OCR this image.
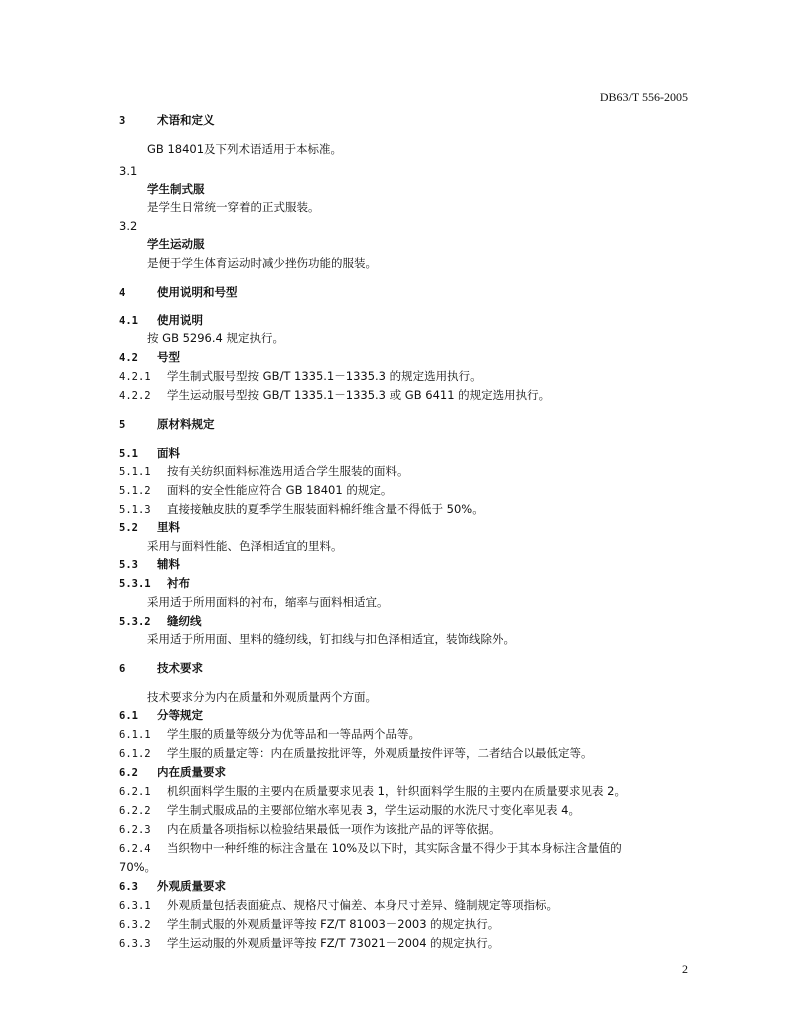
DB63/T 556-2005
3	术语和定义
GB 18401及下列术语适用于本标准。
3.1
学生制式服
是学生日常统一穿着的正式服装。
3.2
学生运动服
是便于学生体育运动时减少挫伤功能的服装。
4	使用说明和号型
4.1 使用说明
按 GB 5296.4 规定执行。
4.2 号型
4.2.1 学生制式服号型按 GB/T 1335.1－1335.3 的规定选用执行。
4.2.2 学生运动服号型按 GB/T 1335.1－1335.3 或 GB 6411 的规定选用执行。
5	原材料规定
5.1 面料
5.1.1 按有关纺织面料标准选用适合学生服装的面料。
5.1.2 面料的安全性能应符合 GB 18401 的规定。
5.1.3 直接接触皮肤的夏季学生服装面料棉纤维含量不得低于 50%。
5.2 里料
采用与面料性能、色泽相适宜的里料。
5.3 辅料
5.3.1 衬布
采用适于所用面料的衬布，缩率与面料相适宜。
5.3.2 缝纫线
采用适于所用面、里料的缝纫线，钉扣线与扣色泽相适宜，装饰线除外。
6	技术要求
技术要求分为内在质量和外观质量两个方面。
6.1 分等规定
6.1.1 学生服的质量等级分为优等品和一等品两个品等。
6.1.2 学生服的质量定等：内在质量按批评等，外观质量按件评等，二者结合以最低定等。
6.2 内在质量要求
6.2.1 机织面料学生服的主要内在质量要求见表 1，针织面料学生服的主要内在质量要求见表 2。
6.2.2 学生制式服成品的主要部位缩水率见表 3，学生运动服的水洗尺寸变化率见表 4。
6.2.3 内在质量各项指标以检验结果最低一项作为该批产品的评等依据。
6.2.4 当织物中一种纤维的标注含量在 10%及以下时，其实际含量不得少于其本身标注含量值的
70%。
6.3 外观质量要求
6.3.1 外观质量包括表面疵点、规格尺寸偏差、本身尺寸差异、缝制规定等项指标。
6.3.2 学生制式服的外观质量评等按 FZ/T 81003－2003 的规定执行。
6.3.3 学生运动服的外观质量评等按 FZ/T 73021－2004 的规定执行。
2
